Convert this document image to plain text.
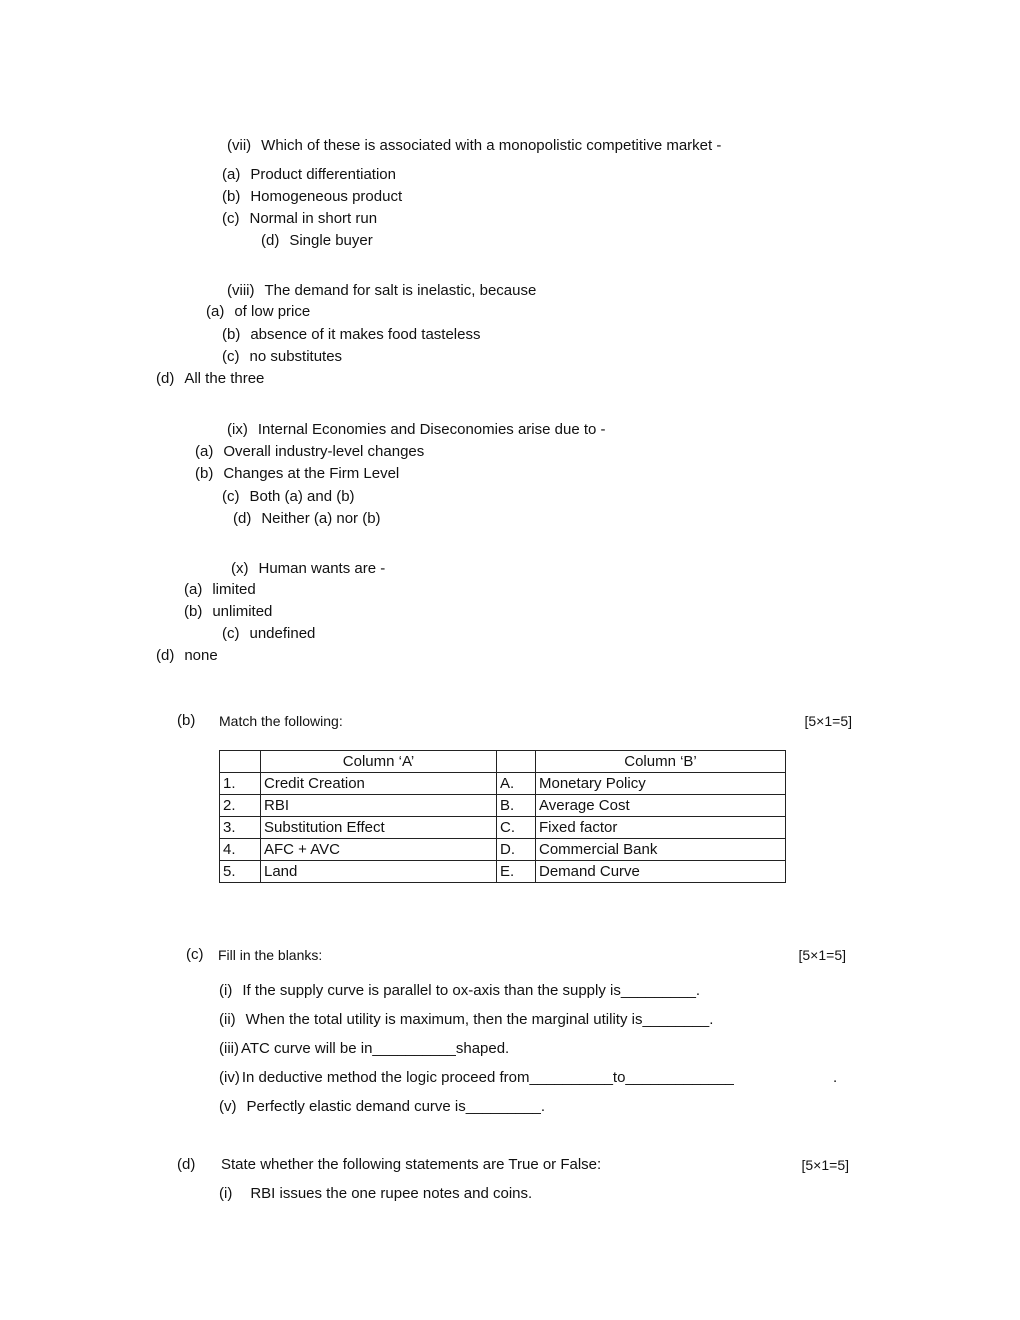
(vii) Which of these is associated with a monopolistic competitive market -
(a) Product differentiation
(b) Homogeneous product
(c) Normal in short run
(d) Single buyer
(viii) The demand for salt is inelastic, because
(a) of low price
(b) absence of it makes food tasteless
(c) no substitutes
(d) All the three
(ix) Internal Economies and Diseconomies arise due to -
(a) Overall industry-level changes
(b) Changes at the Firm Level
(c) Both (a) and (b)
(d) Neither (a) nor (b)
(x) Human wants are -
(a) limited
(b) unlimited
(c) undefined
(d) none
(b) Match the following:	[5×1=5]
	Column ‘A’		Column ‘B’
1.	Credit Creation	A.	Monetary Policy
2.	RBI	B.	Average Cost
3.	Substitution Effect	C.	Fixed factor
4.	AFC + AVC	D.	Commercial Bank
5.	Land	E.	Demand Curve
(c) Fill in the blanks:	[5×1=5]
(i) If the supply curve is parallel to ox-axis than the supply is_________.
(ii) When the total utility is maximum, then the marginal utility is________.
(iii) ATC curve will be in__________shaped.
(iv) In deductive method the logic proceed from__________to_____________	.
(v) Perfectly elastic demand curve is_________.
(d) State whether the following statements are True or False:	[5×1=5]
(i) RBI issues the one rupee notes and coins.
